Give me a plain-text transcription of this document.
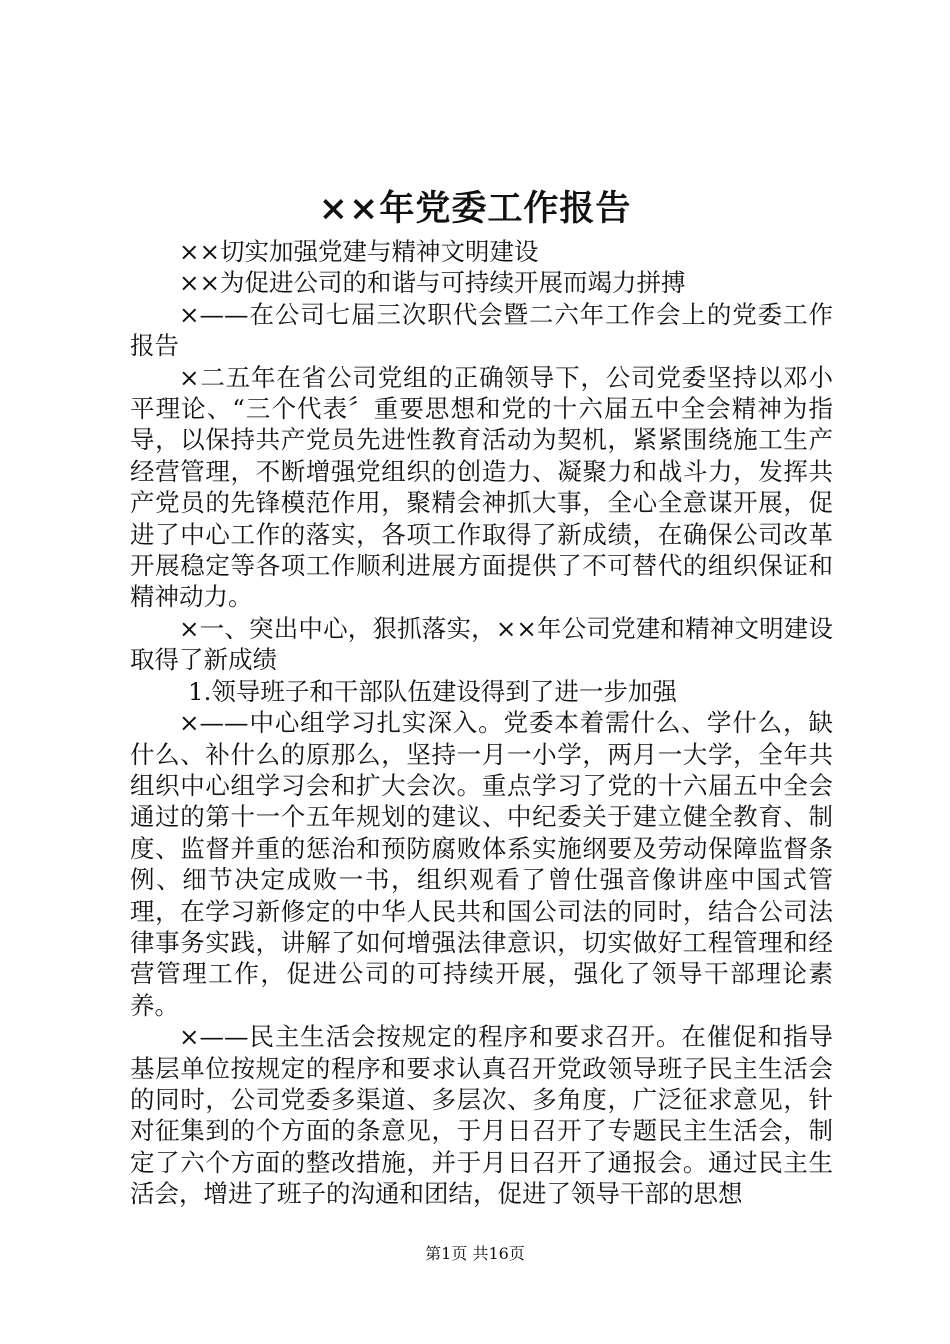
××年党委工作报告

××切实加强党建与精神文明建设

××为促进公司的和谐与可持续开展而竭力拼搏

×——在公司七届三次职代会暨二六年工作会上的党委工作报告

×二五年在省公司党组的正确领导下，公司党委坚持以邓小平理论、“三个代表〞重要思想和党的十六届五中全会精神为指导，以保持共产党员先进性教育活动为契机，紧紧围绕施工生产经营管理，不断增强党组织的创造力、凝聚力和战斗力，发挥共产党员的先锋模范作用，聚精会神抓大事，全心全意谋开展，促进了中心工作的落实，各项工作取得了新成绩，在确保公司改革开展稳定等各项工作顺利进展方面提供了不可替代的组织保证和精神动力。

×一、突出中心，狠抓落实，××年公司党建和精神文明建设取得了新成绩

1.领导班子和干部队伍建设得到了进一步加强

×——中心组学习扎实深入。党委本着需什么、学什么，缺什么、补什么的原那么，坚持一月一小学，两月一大学，全年共组织中心组学习会和扩大会次。重点学习了党的十六届五中全会通过的第十一个五年规划的建议、中纪委关于建立健全教育、制度、监督并重的惩治和预防腐败体系实施纲要及劳动保障监督条例、细节决定成败一书，组织观看了曾仕强音像讲座中国式管理，在学习新修定的中华人民共和国公司法的同时，结合公司法律事务实践，讲解了如何增强法律意识，切实做好工程管理和经营管理工作，促进公司的可持续开展，强化了领导干部理论素养。

×——民主生活会按规定的程序和要求召开。在催促和指导基层单位按规定的程序和要求认真召开党政领导班子民主生活会的同时，公司党委多渠道、多层次、多角度，广泛征求意见，针对征集到的个方面的条意见，于月日召开了专题民主生活会，制定了六个方面的整改措施，并于月日召开了通报会。通过民主生活会，增进了班子的沟通和团结，促进了领导干部的思想

第1页 共16页
